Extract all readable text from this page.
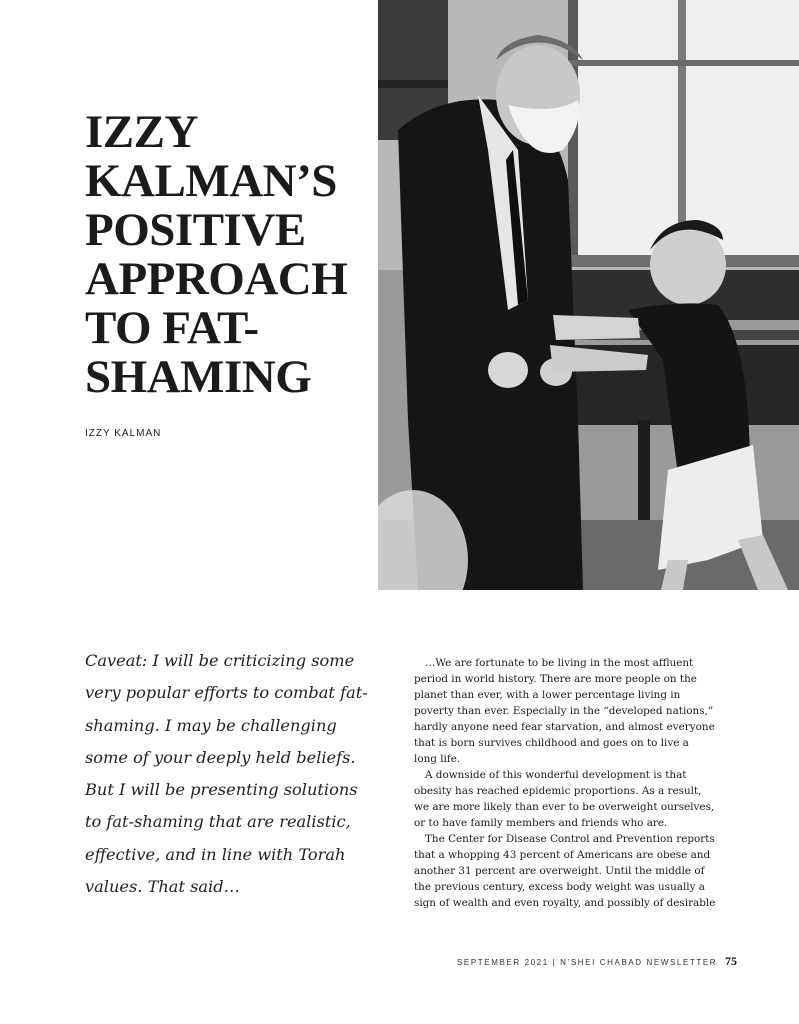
IZZY
KALMAN’S
POSITIVE
APPROACH
TO FAT-
SHAMING
IZZY KALMAN
Caveat: I will be criticizing some
very popular efforts to combat fat-
shaming. I may be challenging
some of your deeply held beliefs.
But I will be presenting solutions
to fat-shaming that are realistic,
effective, and in line with Torah
values. That said…
…We are fortunate to be living in the most affluent
period in world history. There are more people on the
planet than ever, with a lower percentage living in
poverty than ever. Especially in the “developed nations,”
hardly anyone need fear starvation, and almost everyone
that is born survives childhood and goes on to live a
long life.
A downside of this wonderful development is that
obesity has reached epidemic proportions. As a result,
we are more likely than ever to be overweight ourselves,
or to have family members and friends who are.
The Center for Disease Control and Prevention reports
that a whopping 43 percent of Americans are obese and
another 31 percent are overweight. Until the middle of
the previous century, excess body weight was usually a
sign of wealth and even royalty, and possibly of desirable
SEPTEMBER 2021 | N’SHEI CHABAD NEWSLETTER 75
